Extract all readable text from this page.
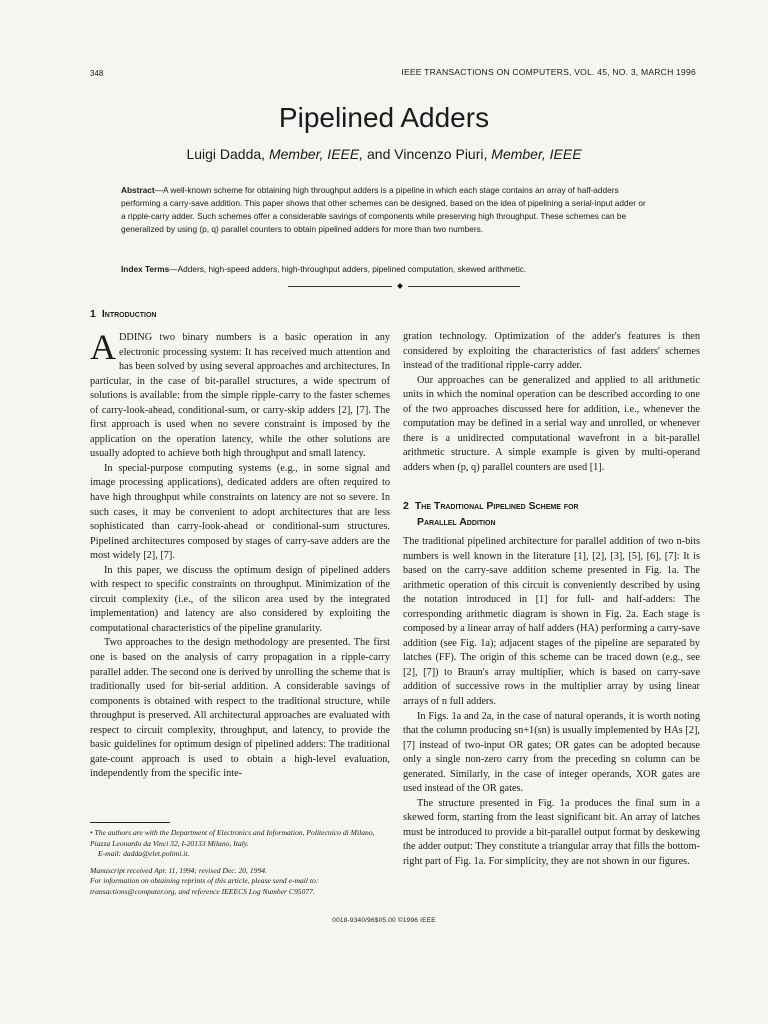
348	IEEE TRANSACTIONS ON COMPUTERS, VOL. 45, NO. 3, MARCH 1996
Pipelined Adders
Luigi Dadda, Member, IEEE, and Vincenzo Piuri, Member, IEEE

Abstract—A well-known scheme for obtaining high throughput adders is a pipeline in which each stage contains an array of half-adders performing a carry-save addition. This paper shows that other schemes can be designed, based on the idea of pipelining a serial-input adder or a ripple-carry adder. Such schemes offer a considerable savings of components while preserving high throughput. These schemes can be generalized by using (p, q) parallel counters to obtain pipelined adders for more than two numbers.

Index Terms—Adders, high-speed adders, high-throughput adders, pipelined computation, skewed arithmetic.

1 Introduction

ADDING two binary numbers is a basic operation in any electronic processing system: It has received much attention and has been solved by using several approaches and architectures. In particular, in the case of bit-parallel structures, a wide spectrum of solutions is available: from the simple ripple-carry to the faster schemes of carry-look-ahead, conditional-sum, or carry-skip adders [2], [7]. The first approach is used when no severe constraint is imposed by the application on the operation latency, while the other solutions are usually adopted to achieve both high throughput and small latency.

In special-purpose computing systems (e.g., in some signal and image processing applications), dedicated adders are often required to have high throughput while constraints on latency are not so severe. In such cases, it may be convenient to adopt architectures that are less sophisticated than carry-look-ahead or conditional-sum structures. Pipelined architectures composed by stages of carry-save adders are the most widely [2], [7].

In this paper, we discuss the optimum design of pipelined adders with respect to specific constraints on throughput. Minimization of the circuit complexity (i.e., of the silicon area used by the integrated implementation) and latency are also considered by exploiting the computational characteristics of the pipeline granularity.

Two approaches to the design methodology are presented. The first one is based on the analysis of carry propagation in a ripple-carry parallel adder. The second one is derived by unrolling the scheme that is traditionally used for bit-serial addition. A considerable savings of components is obtained with respect to the traditional structure, while throughput is preserved. All architectural approaches are evaluated with respect to circuit complexity, throughput, and latency, to provide the basic guidelines for optimum design of pipelined adders: The traditional gate-count approach is used to obtain a high-level evaluation, independently from the specific inte-

gration technology. Optimization of the adder's features is then considered by exploiting the characteristics of fast adders' schemes instead of the traditional ripple-carry adder.

Our approaches can be generalized and applied to all arithmetic units in which the nominal operation can be described according to one of the two approaches discussed here for addition, i.e., whenever the computation may be defined in a serial way and unrolled, or whenever there is a unidirected computational wavefront in a bit-parallel arithmetic structure. A simple example is given by multi-operand adders when (p, q) parallel counters are used [1].

2 The Traditional Pipelined Scheme for
Parallel Addition

The traditional pipelined architecture for parallel addition of two n-bits numbers is well known in the literature [1], [2], [3], [5], [6], [7]: It is based on the carry-save addition scheme presented in Fig. 1a. The arithmetic operation of this circuit is conveniently described by using the notation introduced in [1] for full- and half-adders: The corresponding arithmetic diagram is shown in Fig. 2a. Each stage is composed by a linear array of half adders (HA) performing a carry-save addition (see Fig. 1a); adjacent stages of the pipeline are separated by latches (FF). The origin of this scheme can be traced down (e.g., see [2], [7]) to Braun's array multiplier, which is based on carry-save addition of successive rows in the multiplier array by using linear arrays of n full adders.

In Figs. 1a and 2a, in the case of natural operands, it is worth noting that the column producing sn+1(sn) is usually implemented by HAs [2], [7] instead of two-input OR gates; OR gates can be adopted because only a single non-zero carry from the preceding sn column can be generated. Similarly, in the case of integer operands, XOR gates are used instead of the OR gates.

The structure presented in Fig. 1a produces the final sum in a skewed form, starting from the least significant bit. An array of latches must be introduced to provide a bit-parallel output format by deskewing the adder output: They constitute a triangular array that fills the bottom-right part of Fig. 1a. For simplicity, they are not shown in our figures.

• The authors are with the Department of Electronics and Information, Politecnico di Milano, Piazza Leonardo da Vinci 32, I-20133 Milano, Italy.

E-mail: dadda@elet.polimi.it.

Manuscript received Apr. 11, 1994; revised Dec. 20, 1994.

For information on obtaining reprints of this article, please send e-mail to: transactions@computer.org, and reference IEEECS Log Number C95077.

0018-9340/96$05.00 ©1996 IEEE
